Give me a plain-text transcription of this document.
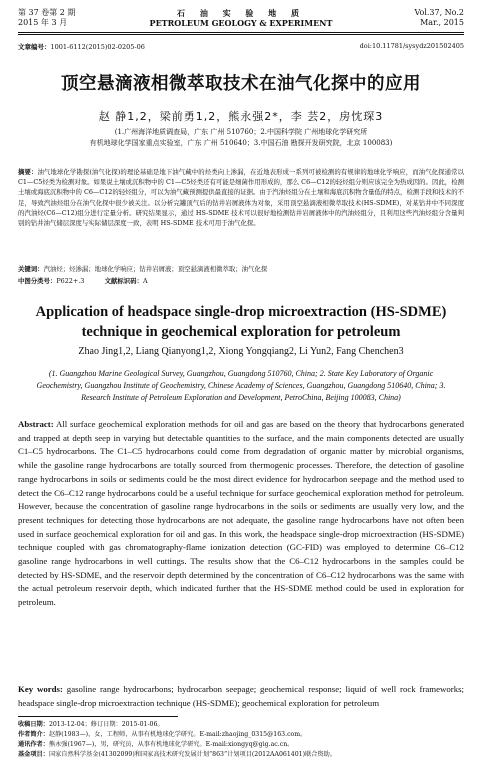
第 37 卷第 2 期
2015 年 3 月
石 油 实 验 地 质
PETROLEUM GEOLOGY & EXPERIMENT
Vol.37, No.2
Mar., 2015
文章编号：1001-6112(2015)02-0205-06	doi:10.11781/sysydz201502405
顶空悬滴液相微萃取技术在油气化探中的应用
赵 静1,2，梁前勇1,2，熊永强2*，李 芸2，房忱琛3
(1.广州海洋地质调查局，广东 广州 510760；2.中国科学院 广州地球化学研究所
有机地球化学国家重点实验室，广东 广州 510640；3.中国石油 勘探开发研究院，北京 100083)
摘要：油气地球化学勘探(油气化探)的理论基础是地下油气藏中的烃类向上渗漏，在近地表形成一系列可被检测的有规律的地球化学响应，而油气化探通常以 C1—C5烃类为检测对象。如果说土壤或沉积物中的 C1—C5烃类还有可能是细菌作用形成的，那么 C6—C12的轻烃组分则应该完全为热成因的。因此，检测土壤或海底沉积物中的 C6—C12的轻烃组分，可以为油气藏预测提供最直接的证据。由于汽油烃组分在土壤和海底沉积物含量低的特点，检测手段和技术的不足，导致汽油烃组分在油气化探中很少被关注。以分析完罐顶气后的钻井岩屑液体为对象，采用顶空悬滴液相微萃取技术(HS-SDME)，对某钻井中不同深度的汽油烃(C6—C12)组分进行定量分析。研究结果显示，通过 HS-SDME 技术可以很好地检测钻井岩屑液体中的汽油烃组分，且利用这些汽油烃组分含量判别的钻井油气储层深度与实际储层深度一致，表明 HS-SDME 技术可用于油气化探。
关键词：汽油烃；烃渗漏；地球化学响应；钻井岩屑液；顶空悬滴液相微萃取；油气化探
中图分类号：P622+.3	文献标识码：A
Application of headspace single-drop microextraction (HS-SDME)
technique in geochemical exploration for petroleum
Zhao Jing1,2, Liang Qianyong1,2, Xiong Yongqiang2, Li Yun2, Fang Chenchen3
(1. Guangzhou Marine Geological Survey, Guangzhou, Guangdong 510760, China; 2. State Key Laboratory of Organic Geochemistry, Guangzhou Institute of Geochemistry, Chinese Academy of Sciences, Guangzhou, Guangdong 510640, China; 3. Research Institute of Petroleum Exploration and Development, PetroChina, Beijing 100083, China)
Abstract: All surface geochemical exploration methods for oil and gas are based on the theory that hydrocarbons generated and trapped at depth seep in varying but detectable quantities to the surface, and the main components detected are usually C1–C5 hydrocarbons. The C1–C5 hydrocarbons could come from degradation of organic matter by microbial organisms, while the gasoline range hydrocarbons are totally sourced from thermogenic processes. Therefore, the detection of gasoline range hydrocarbons in soils or sediments could be the most direct evidence for hydrocarbon seepage and the method used to detect the C6–C12 range hydrocarbons could be a useful technique for surface geochemical exploration method for petroleum. However, because the concentration of gasoline range hydrocarbons in the soils or sediments are usually very low, and the present techniques for detecting those hydrocarbons are not adequate, the gasoline range hydrocarbons have not often been used in surface geochemical exploration for oil and gas. In this work, the headspace single-drop microextraction (HS-SDME) technique coupled with gas chromatography-flame ionization detection (GC-FID) was employed to determine C6–C12 gasoline range hydrocarbons in well cuttings. The results show that the C6–C12 hydrocarbons in the samples could be detected by HS-SDME, and the reservoir depth determined by the concentration of C6–C12 hydrocarbons was the same with the actual petroleum reservoir depth, which indicated further that the HS-SDME method could be used in exploration for petroleum.
Key words: gasoline range hydrocarbons; hydrocarbon seepage; geochemical response; liquid of well rock frameworks; headspace single-drop microextraction technique (HS-SDME); geochemical exploration for petroleum
收稿日期：2013-12-04；修订日期：2015-01-06。
作者简介：赵静(1983—)，女，工程师，从事有机地球化学研究。E-mail:zhaojing_0315@163.com。
通讯作者：熊永强(1967—)，男，研究员，从事有机地球化学研究。E-mail:xiongyq@gig.ac.cn。
基金项目：国家自然科学基金(41302099)和国家高技术研究发展计划“863”计划项目(2012AA061401)联合资助。
